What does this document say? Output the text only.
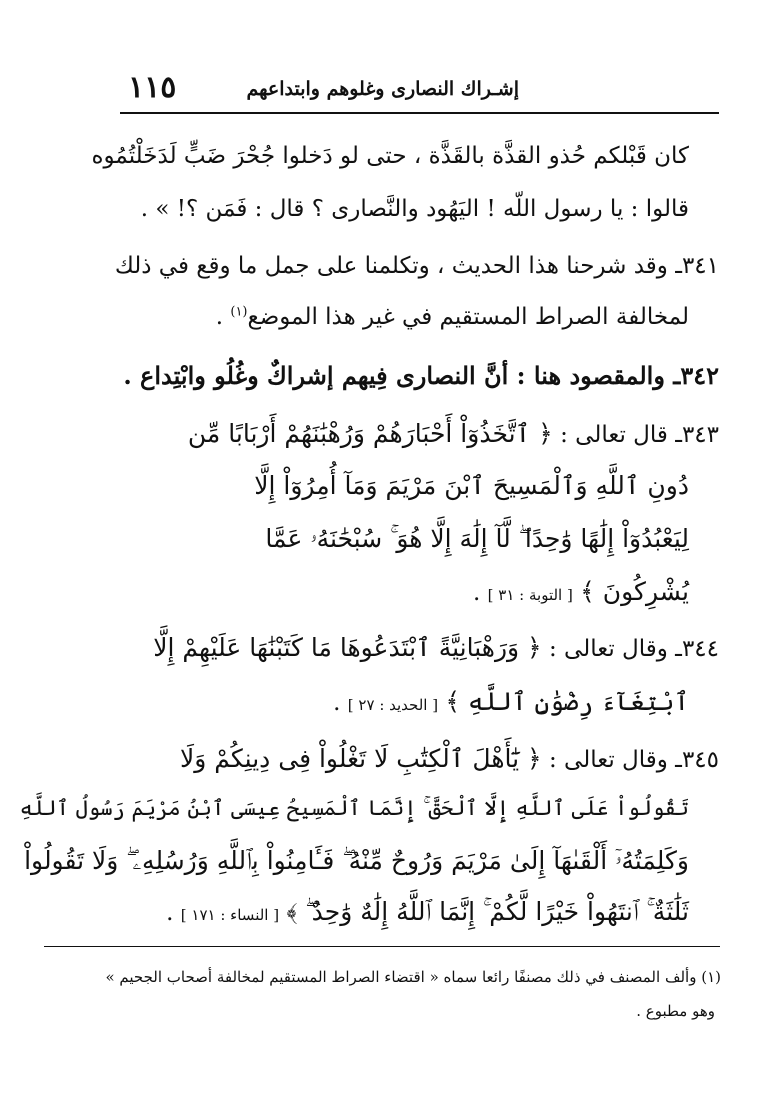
إشـراك النصارى وغلوهم وابتداعهم
١١٥
كان قَبْلكم حُذو القذَّة بالقَذَّة ، حتى لو دَخلوا جُحْرَ ضَبٍّ لَدَخَلْتُمُوه
قالوا : يا رسول اللّه ! اليَهُود والنَّصارى ؟ قال : فَمَن ؟! » .
٣٤١ـ وقد شرحنا هذا الحديث ، وتكلمنا على جمل ما وقع في ذلك
لمخالفة الصراط المستقيم في غير هذا الموضع$^{(١)}$ .
٣٤٢ـ والمقصود هنا : أنَّ النصارى فِيهم إشراكٌ وغُلُو وابْتِداع .
٣٤٣ـ قال تعالى : ﴿ ٱتَّخَذُوٓاْ أَحْبَارَهُمْ وَرُهْبَٰنَهُمْ أَرْبَابًا مِّن
دُونِ ٱللَّهِ وَٱلْمَسِيحَ ٱبْنَ مَرْيَمَ وَمَآ أُمِرُوٓاْ إِلَّا
لِيَعْبُدُوٓاْ إِلَٰهًا وَٰحِدًا ۖ لَّآ إِلَٰهَ إِلَّا هُوَ ۚ سُبْحَٰنَهُۥ عَمَّا
يُشْرِكُونَ ﴾ [ التوبة : ٣١ ] .
٣٤٤ـ وقال تعالى : ﴿ وَرَهْبَانِيَّةً ٱبْتَدَعُوهَا مَا كَتَبْنَٰهَا عَلَيْهِمْ إِلَّا
ٱبْتِغَآءَ رِضْوَٰنِ ٱللَّهِ ﴾ [ الحديد : ٢٧ ] .
٣٤٥ـ وقال تعالى : ﴿ يَٰٓأَهْلَ ٱلْكِتَٰبِ لَا تَغْلُواْ فِى دِينِكُمْ وَلَا
تَقُولُواْ عَلَى ٱللَّهِ إِلَّا ٱلْحَقَّ ۚ إِنَّمَا ٱلْمَسِيحُ عِيسَى ٱبْنُ مَرْيَمَ رَسُولُ ٱللَّهِ
وَكَلِمَتُهُۥٓ أَلْقَىٰهَآ إِلَىٰ مَرْيَمَ وَرُوحٌ مِّنْهُ ۖ فَـَٔامِنُواْ بِٱللَّهِ وَرُسُلِهِۦ ۖ وَلَا تَقُولُواْ
ثَلَٰثَةٌ ۚ ٱنتَهُواْ خَيْرًا لَّكُمْ ۚ إِنَّمَا ٱللَّهُ إِلَٰهٌ وَٰحِدٌ ۖ ﴾ [ النساء : ١٧١ ] .
(١) وألف المصنف في ذلك مصنفًا رائعا سماه « اقتضاء الصراط المستقيم لمخالفة أصحاب الجحيم »
وهو مطبوع .
